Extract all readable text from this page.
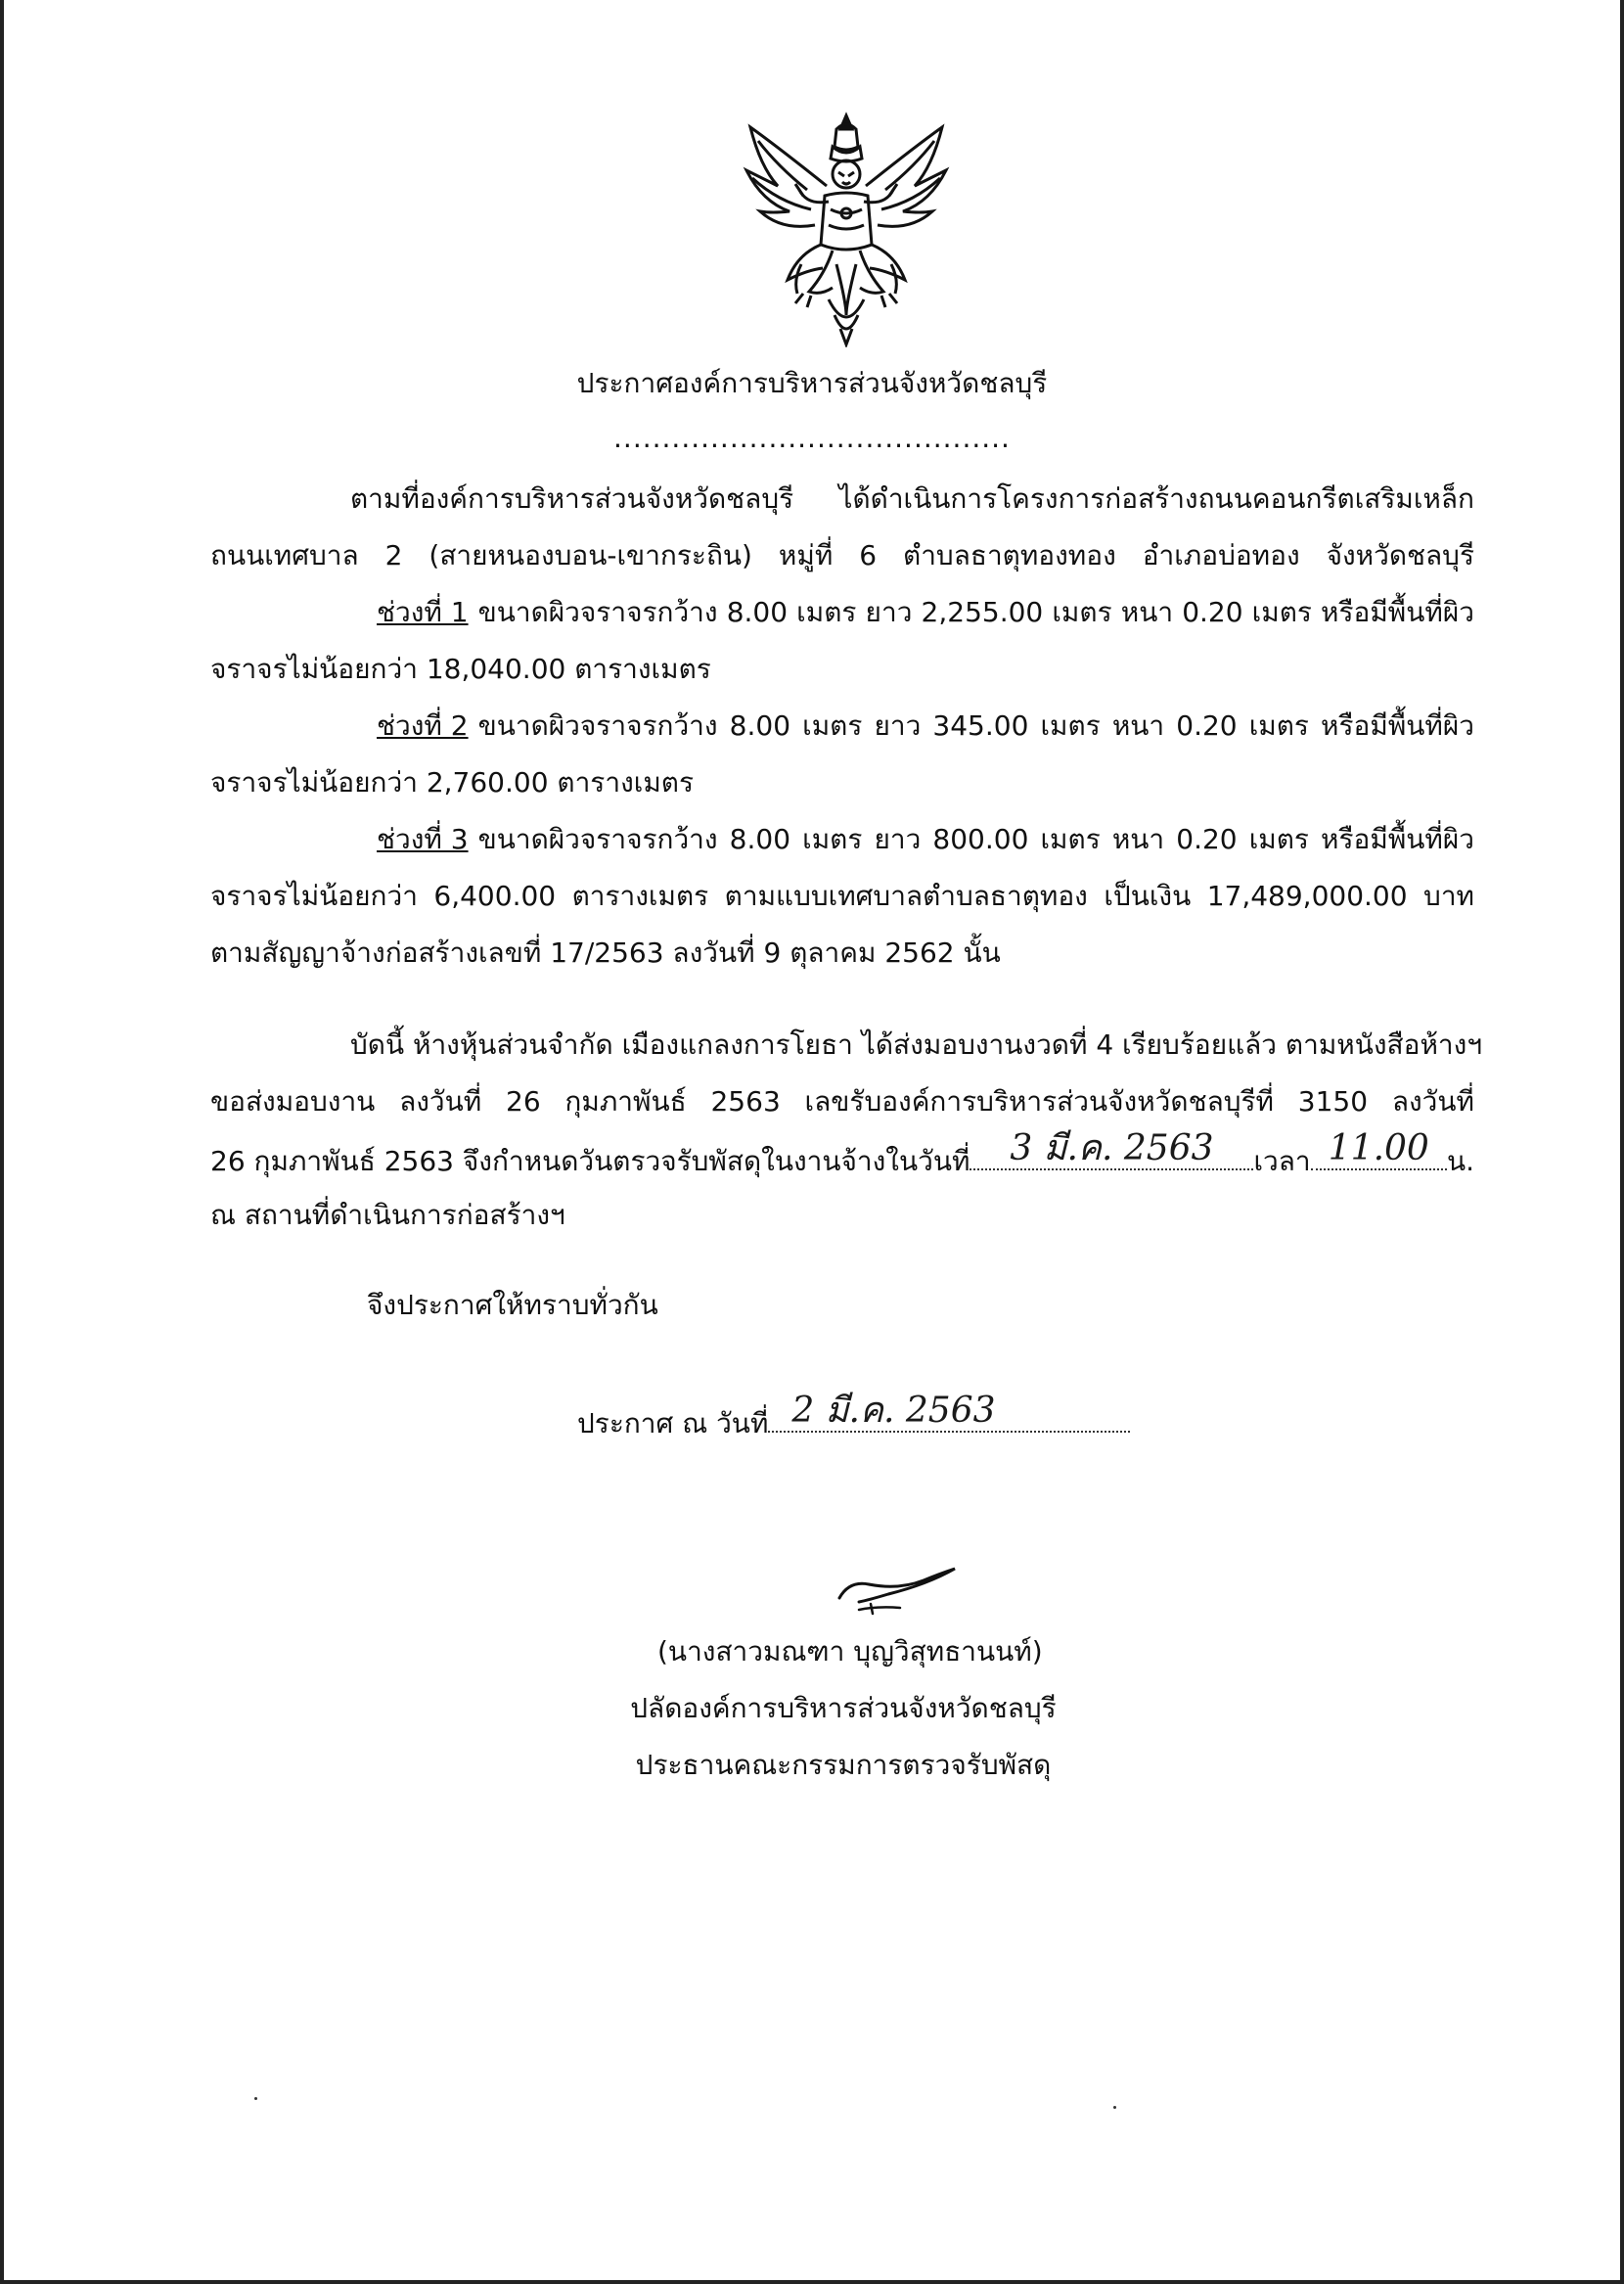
ประกาศองค์การบริหารส่วนจังหวัดชลบุรี
.........................................
ตามที่องค์การบริหารส่วนจังหวัดชลบุรี ได้ดำเนินการโครงการก่อสร้างถนนคอนกรีตเสริมเหล็ก
ถนนเทศบาล 2 (สายหนองบอน-เขากระถิน) หมู่ที่ 6 ตำบลธาตุทองทอง อำเภอบ่อทอง จังหวัดชลบุรี
ช่วงที่ 1 ขนาดผิวจราจรกว้าง 8.00 เมตร ยาว 2,255.00 เมตร หนา 0.20 เมตร หรือมีพื้นที่ผิว
จราจรไม่น้อยกว่า 18,040.00 ตารางเมตร
ช่วงที่ 2 ขนาดผิวจราจรกว้าง 8.00 เมตร ยาว 345.00 เมตร หนา 0.20 เมตร หรือมีพื้นที่ผิว
จราจรไม่น้อยกว่า 2,760.00 ตารางเมตร
ช่วงที่ 3 ขนาดผิวจราจรกว้าง 8.00 เมตร ยาว 800.00 เมตร หนา 0.20 เมตร หรือมีพื้นที่ผิว
จราจรไม่น้อยกว่า 6,400.00 ตารางเมตร ตามแบบเทศบาลตำบลธาตุทอง เป็นเงิน 17,489,000.00 บาท
ตามสัญญาจ้างก่อสร้างเลขที่ 17/2563 ลงวันที่ 9 ตุลาคม 2562 นั้น
บัดนี้ ห้างหุ้นส่วนจำกัด เมืองแกลงการโยธา ได้ส่งมอบงานงวดที่ 4 เรียบร้อยแล้ว ตามหนังสือห้างฯ
ขอส่งมอบงาน ลงวันที่ 26 กุมภาพันธ์ 2563 เลขรับองค์การบริหารส่วนจังหวัดชลบุรีที่ 3150 ลงวันที่
26 กุมภาพันธ์ 2563 จึงกำหนดวันตรวจรับพัสดุในงานจ้างในวันที่	3 มี.ค. 2563	เวลา 11.00 น.
ณ สถานที่ดำเนินการก่อสร้างฯ
จึงประกาศให้ทราบทั่วกัน
ประกาศ ณ วันที่ 2 มี.ค. 2563
(นางสาวมณฑา บุญวิสุทธานนท์)
ปลัดองค์การบริหารส่วนจังหวัดชลบุรี
ประธานคณะกรรมการตรวจรับพัสดุ
